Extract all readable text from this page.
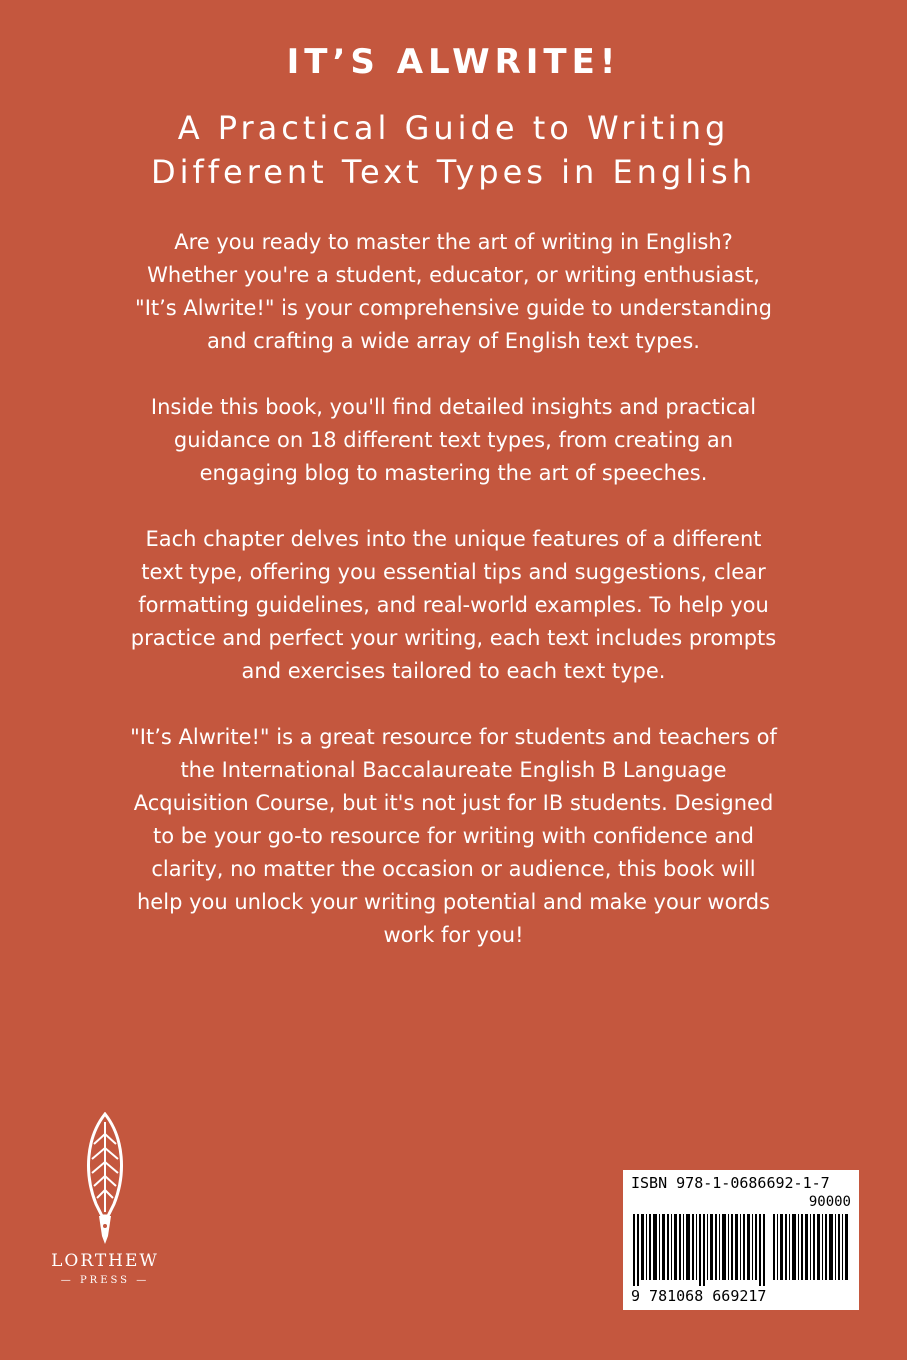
IT’S ALWRITE!
A Practical Guide to Writing
Different Text Types in English

Are you ready to master the art of writing in English? Whether you're a student, educator, or writing enthusiast, "It’s Alwrite!" is your comprehensive guide to understanding and crafting a wide array of English text types.

Inside this book, you'll find detailed insights and practical guidance on 18 different text types, from creating an engaging blog to mastering the art of speeches.

Each chapter delves into the unique features of a different text type, offering you essential tips and suggestions, clear formatting guidelines, and real-world examples. To help you practice and perfect your writing, each text includes prompts and exercises tailored to each text type.

"It’s Alwrite!" is a great resource for students and teachers of the International Baccalaureate English B Language Acquisition Course, but it's not just for IB students. Designed to be your go-to resource for writing with confidence and clarity, no matter the occasion or audience, this book will help you unlock your writing potential and make your words work for you!

LORTHEW
— PRESS —
ISBN 978-1-0686692-1-7
90000
9 781068 669217
